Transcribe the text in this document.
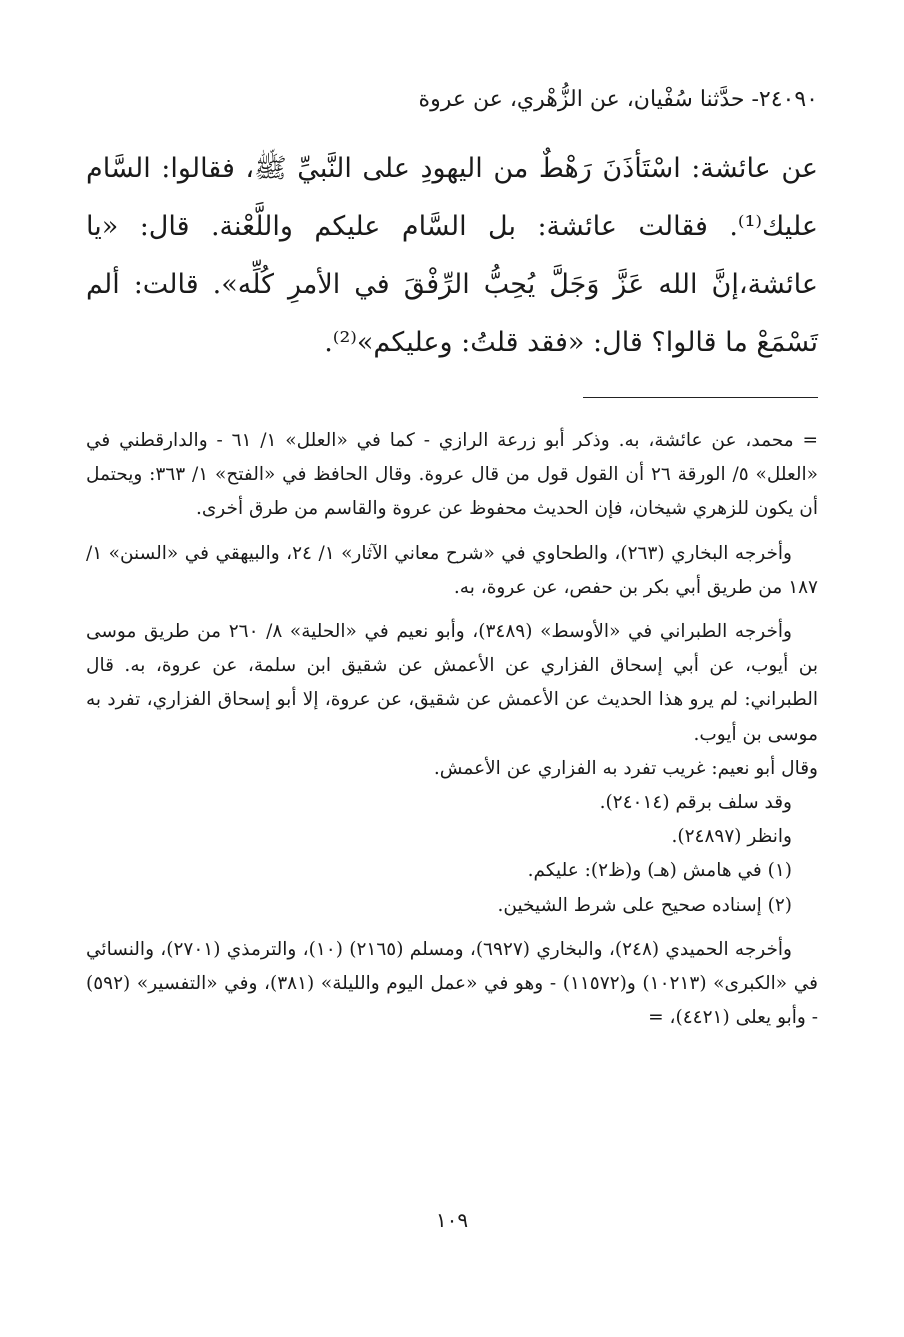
٢٤٠٩٠- حدَّثنا سُفْيان، عن الزُّهْري، عن عروة

عن عائشة: اسْتَأذَنَ رَهْطٌ من اليهودِ على النَّبيِّ ﷺ، فقالوا: السَّام عليك⁽¹⁾. فقالت عائشة: بل السَّام عليكم واللَّعْنة. قال: «يا عائشة،إنَّ الله عَزَّ وَجَلَّ يُحِبُّ الرِّفْقَ في الأمرِ كُلِّه». قالت: ألم تَسْمَعْ ما قالوا؟ قال: «فقد قلتُ: وعليكم»⁽²⁾.

= محمد، عن عائشة، به. وذكر أبو زرعة الرازي - كما في «العلل» ١/ ٦١ - والدارقطني في «العلل» ٥/ الورقة ٢٦ أن القول قول من قال عروة. وقال الحافظ في «الفتح» ١/ ٣٦٣: ويحتمل أن يكون للزهري شيخان، فإن الحديث محفوظ عن عروة والقاسم من طرق أخرى.

وأخرجه البخاري (٢٦٣)، والطحاوي في «شرح معاني الآثار» ١/ ٢٤، والبيهقي في «السنن» ١/ ١٨٧ من طريق أبي بكر بن حفص، عن عروة، به.

وأخرجه الطبراني في «الأوسط» (٣٤٨٩)، وأبو نعيم في «الحلية» ٨/ ٢٦٠ من طريق موسى بن أيوب، عن أبي إسحاق الفزاري عن الأعمش عن شقيق ابن سلمة، عن عروة، به. قال الطبراني: لم يرو هذا الحديث عن الأعمش عن شقيق، عن عروة، إلا أبو إسحاق الفزاري، تفرد به موسى بن أيوب.

وقال أبو نعيم: غريب تفرد به الفزاري عن الأعمش.

وقد سلف برقم (٢٤٠١٤).

وانظر (٢٤٨٩٧).

(١) في هامش (هـ) و(ظ٢): عليكم.

(٢) إسناده صحيح على شرط الشيخين.

وأخرجه الحميدي (٢٤٨)، والبخاري (٦٩٢٧)، ومسلم (٢١٦٥) (١٠)، والترمذي (٢٧٠١)، والنسائي في «الكبرى» (١٠٢١٣) و(١١٥٧٢) - وهو في «عمل اليوم والليلة» (٣٨١)، وفي «التفسير» (٥٩٢) - وأبو يعلى (٤٤٢١)، =

١٠٩
